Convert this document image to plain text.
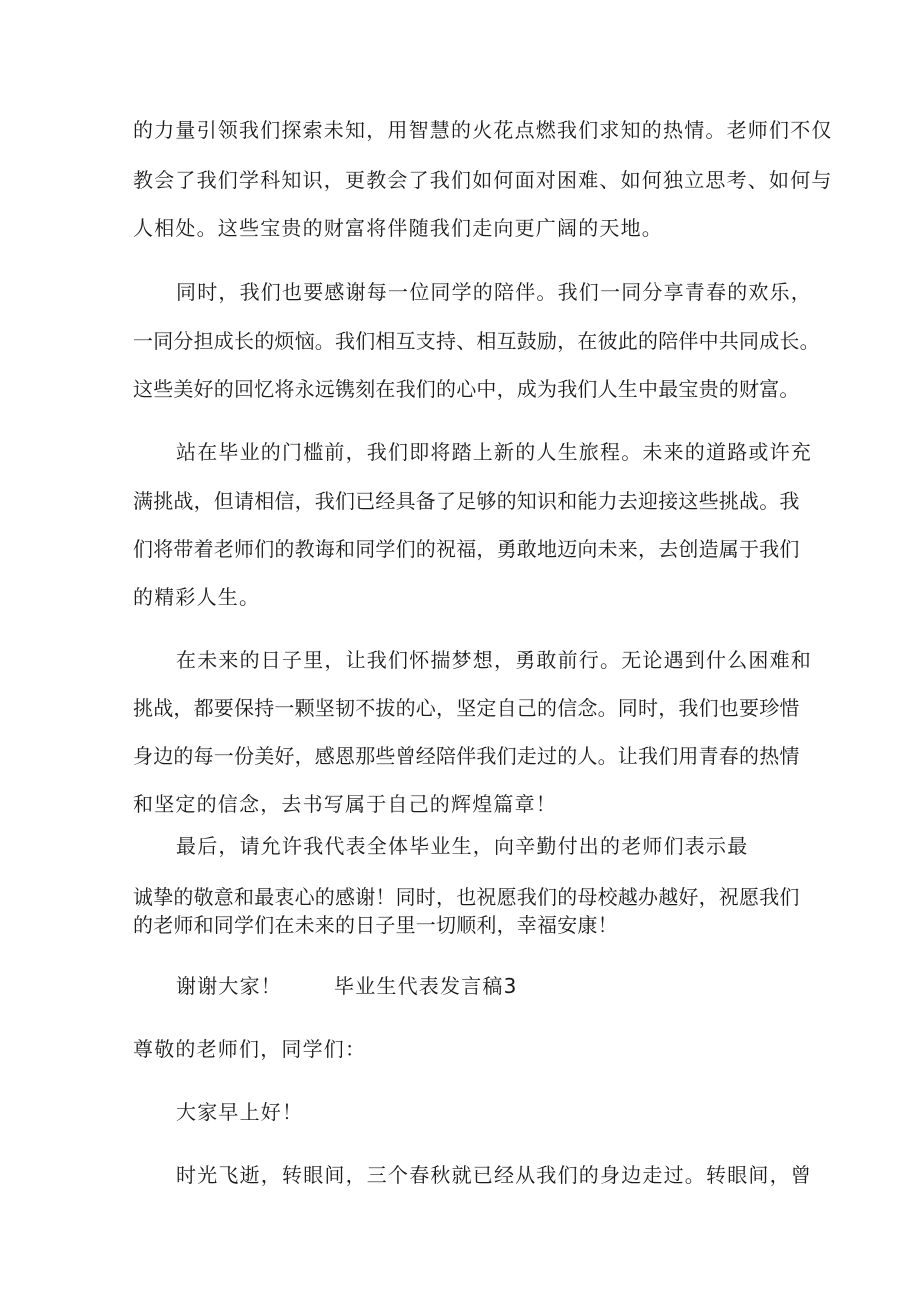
的力量引领我们探索未知，用智慧的火花点燃我们求知的热情。老师们不仅
教会了我们学科知识，更教会了我们如何面对困难、如何独立思考、如何与
人相处。这些宝贵的财富将伴随我们走向更广阔的天地。
同时，我们也要感谢每一位同学的陪伴。我们一同分享青春的欢乐，
一同分担成长的烦恼。我们相互支持、相互鼓励，在彼此的陪伴中共同成长。
这些美好的回忆将永远镌刻在我们的心中，成为我们人生中最宝贵的财富。
站在毕业的门槛前，我们即将踏上新的人生旅程。未来的道路或许充
满挑战，但请相信，我们已经具备了足够的知识和能力去迎接这些挑战。我
们将带着老师们的教诲和同学们的祝福，勇敢地迈向未来，去创造属于我们
的精彩人生。
在未来的日子里，让我们怀揣梦想，勇敢前行。无论遇到什么困难和
挑战，都要保持一颗坚韧不拔的心，坚定自己的信念。同时，我们也要珍惜
身边的每一份美好，感恩那些曾经陪伴我们走过的人。让我们用青春的热情
和坚定的信念，去书写属于自己的辉煌篇章！
最后，请允许我代表全体毕业生，向辛勤付出的老师们表示最
诚挚的敬意和最衷心的感谢！同时，也祝愿我们的母校越办越好，祝愿我们
的老师和同学们在未来的日子里一切顺利，幸福安康！
谢谢大家！	毕业生代表发言稿3
尊敬的老师们，同学们：
大家早上好！
时光飞逝，转眼间，三个春秋就已经从我们的身边走过。转眼间，曾
